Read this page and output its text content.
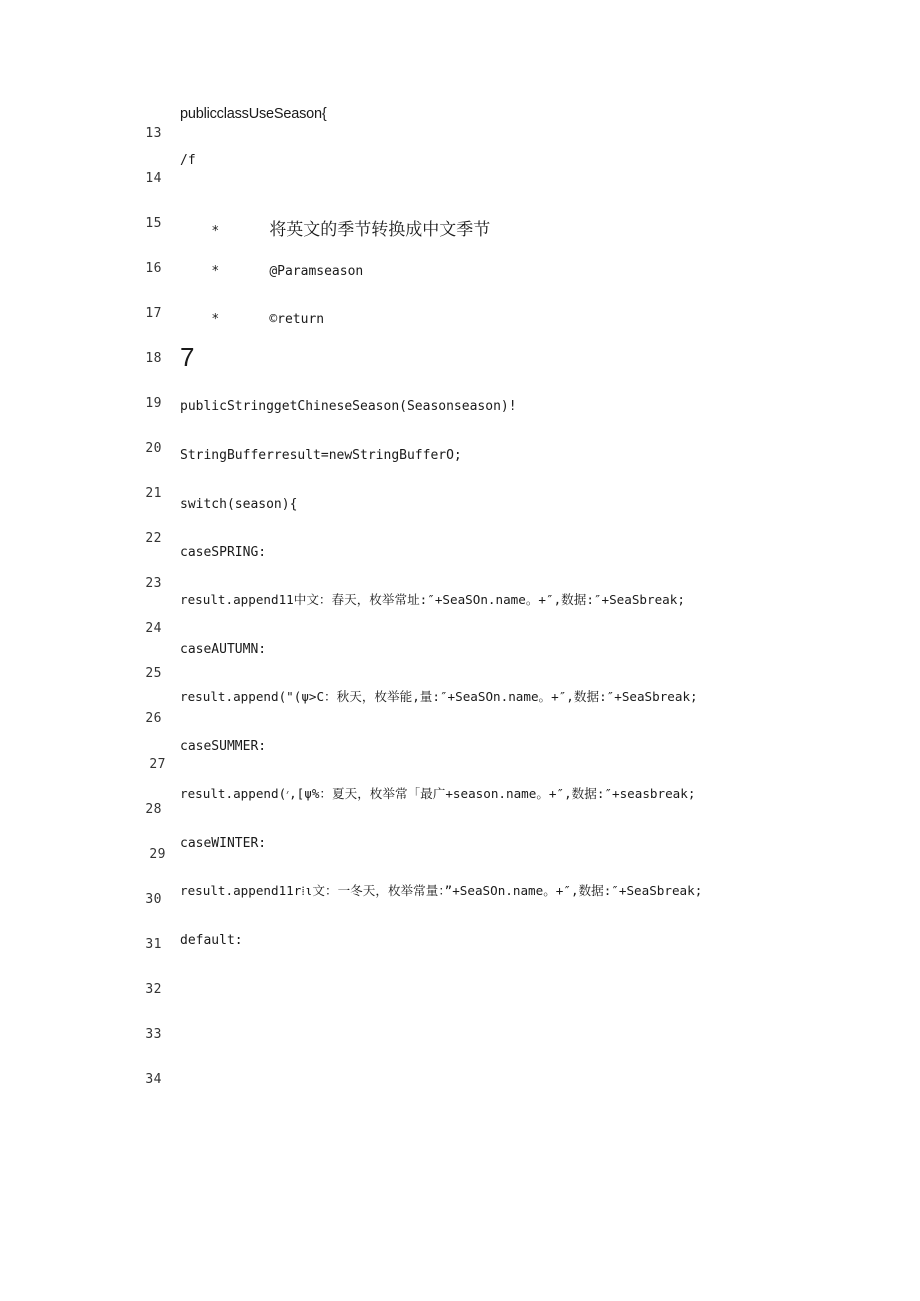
13
14
15
16
17
18
19
20
21
22
23
24
25
26
27
28
29
30
31
32
33
34
publicclassUseSeason{
/f

*	将英文的季节转换成中文季节

*	@Paramseason

*	©return

7
publicStringgetChineseSeason(Seasonseason)!
StringBufferresult=newStringBufferO;
switch(season){
caseSPRING:
result.append11中文：春天，枚举常址:″+SeaSOn.name。+″,数据:″+SeaSbreak;
caseAUTUMN:
result.append("(ψ>C：秋天，枚举能,量:″+SeaSOn.name。+″,数据:″+SeaSbreak;
caseSUMMER:
result.append(׳,[ψ%：夏天，枚举常「最广+season.name。+″,数据:″+seasbreak;
caseWINTER:
result.append11r⁞ι文：一冬天，枚举常量：”+SeaSOn.name。+″,数据:″+SeaSbreak;
default:
